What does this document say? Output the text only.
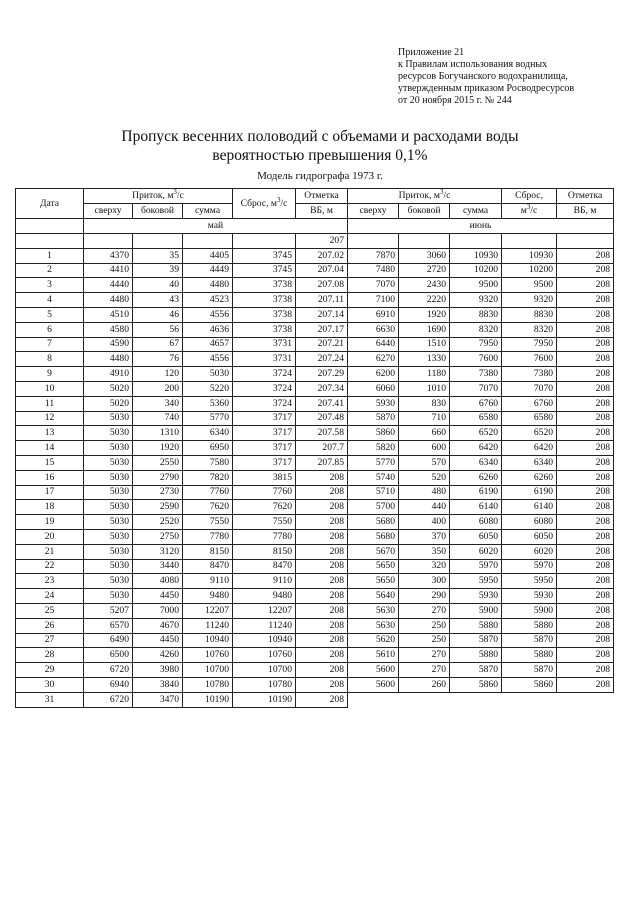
Приложение 21
к Правилам использования водных
ресурсов Богучанского водохранилища,
утвержденным приказом Росводресурсов
от 20 ноября 2015 г. № 244
Пропуск весенних половодий с объемами и расходами воды
вероятностью превышения 0,1%
Модель гидрографа 1973 г.
Дата	Приток, $м^3/с$			Сброс, $м^3/с$	Отметка	Приток, $м^3/с$			Сброс,	Отметка
	сверху	боковой	сумма		ВБ, м	сверху	боковой	сумма	$м^3/с$	ВБ, м
	май					июнь				
					207					
1	4370	35	4405	3745	207.02	7870	3060	10930	10930	208
2	4410	39	4449	3745	207.04	7480	2720	10200	10200	208
3	4440	40	4480	3738	207.08	7070	2430	9500	9500	208
4	4480	43	4523	3738	207.11	7100	2220	9320	9320	208
5	4510	46	4556	3738	207.14	6910	1920	8830	8830	208
6	4580	56	4636	3738	207.17	6630	1690	8320	8320	208
7	4590	67	4657	3731	207.21	6440	1510	7950	7950	208
8	4480	76	4556	3731	207.24	6270	1330	7600	7600	208
9	4910	120	5030	3724	207.29	6200	1180	7380	7380	208
10	5020	200	5220	3724	207.34	6060	1010	7070	7070	208
11	5020	340	5360	3724	207.41	5930	830	6760	6760	208
12	5030	740	5770	3717	207.48	5870	710	6580	6580	208
13	5030	1310	6340	3717	207.58	5860	660	6520	6520	208
14	5030	1920	6950	3717	207.7	5820	600	6420	6420	208
15	5030	2550	7580	3717	207.85	5770	570	6340	6340	208
16	5030	2790	7820	3815	208	5740	520	6260	6260	208
17	5030	2730	7760	7760	208	5710	480	6190	6190	208
18	5030	2590	7620	7620	208	5700	440	6140	6140	208
19	5030	2520	7550	7550	208	5680	400	6080	6080	208
20	5030	2750	7780	7780	208	5680	370	6050	6050	208
21	5030	3120	8150	8150	208	5670	350	6020	6020	208
22	5030	3440	8470	8470	208	5650	320	5970	5970	208
23	5030	4080	9110	9110	208	5650	300	5950	5950	208
24	5030	4450	9480	9480	208	5640	290	5930	5930	208
25	5207	7000	12207	12207	208	5630	270	5900	5900	208
26	6570	4670	11240	11240	208	5630	250	5880	5880	208
27	6490	4450	10940	10940	208	5620	250	5870	5870	208
28	6500	4260	10760	10760	208	5610	270	5880	5880	208
29	6720	3980	10700	10700	208	5600	270	5870	5870	208
30	6940	3840	10780	10780	208	5600	260	5860	5860	208
31	6720	3470	10190	10190	208					
